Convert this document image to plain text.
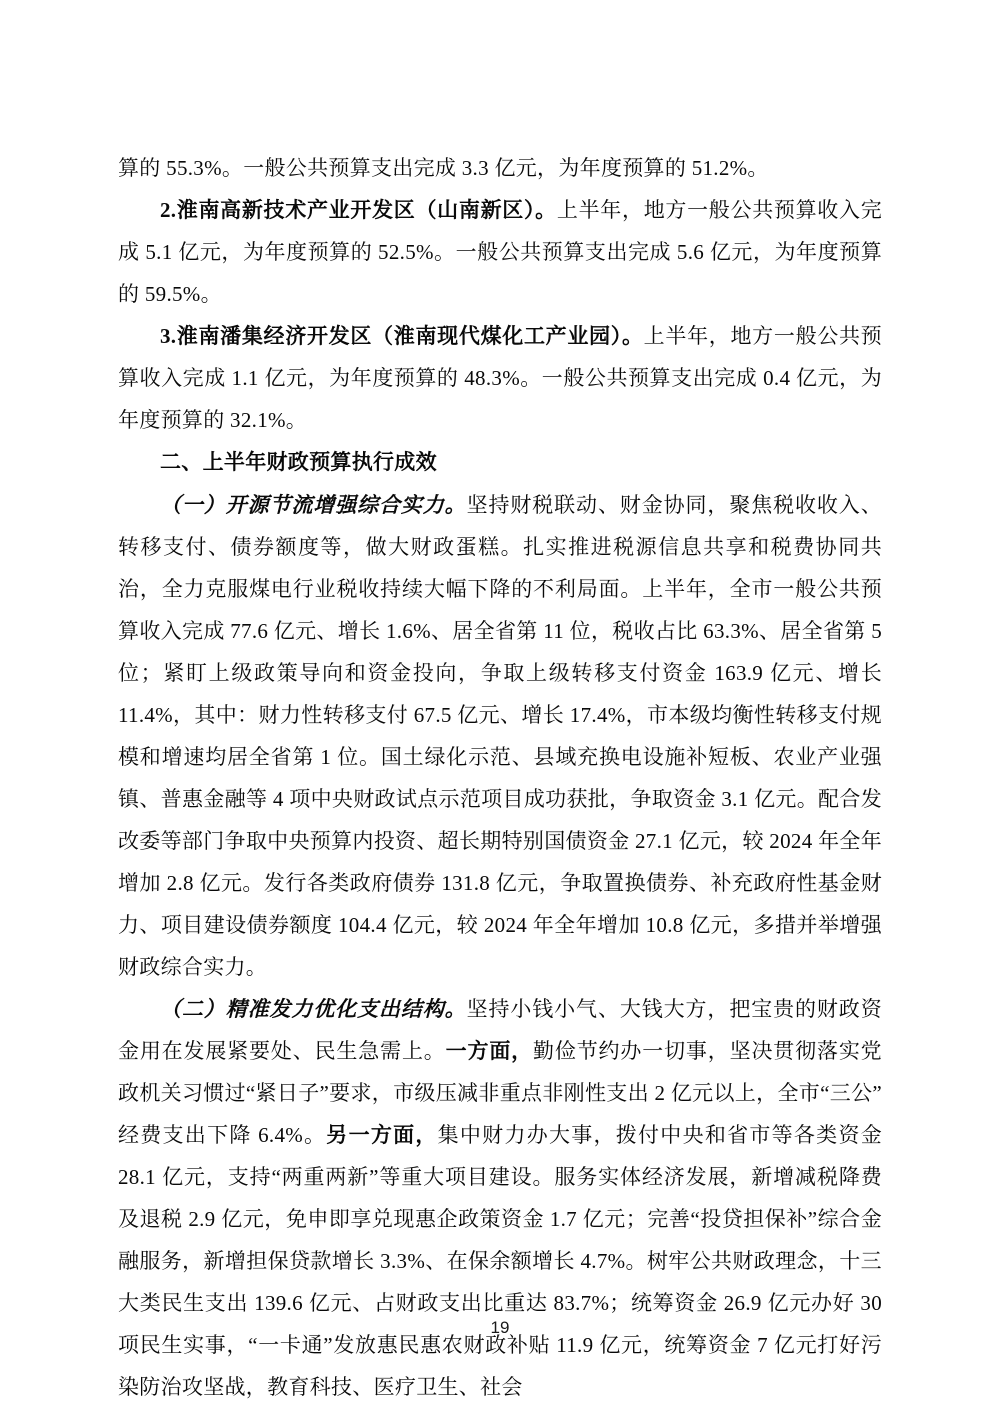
算的 55.3%。一般公共预算支出完成 3.3 亿元，为年度预算的 51.2%。

2.淮南高新技术产业开发区（山南新区）。上半年，地方一般公共预算收入完成 5.1 亿元，为年度预算的 52.5%。一般公共预算支出完成 5.6 亿元，为年度预算的 59.5%。

3.淮南潘集经济开发区（淮南现代煤化工产业园）。上半年，地方一般公共预算收入完成 1.1 亿元，为年度预算的 48.3%。一般公共预算支出完成 0.4 亿元，为年度预算的 32.1%。

二、上半年财政预算执行成效

（一）开源节流增强综合实力。坚持财税联动、财金协同，聚焦税收收入、转移支付、债券额度等，做大财政蛋糕。扎实推进税源信息共享和税费协同共治，全力克服煤电行业税收持续大幅下降的不利局面。上半年，全市一般公共预算收入完成 77.6 亿元、增长 1.6%、居全省第 11 位，税收占比 63.3%、居全省第 5 位；紧盯上级政策导向和资金投向，争取上级转移支付资金 163.9 亿元、增长 11.4%，其中：财力性转移支付 67.5 亿元、增长 17.4%，市本级均衡性转移支付规模和增速均居全省第 1 位。国土绿化示范、县域充换电设施补短板、农业产业强镇、普惠金融等 4 项中央财政试点示范项目成功获批，争取资金 3.1 亿元。配合发改委等部门争取中央预算内投资、超长期特别国债资金 27.1 亿元，较 2024 年全年增加 2.8 亿元。发行各类政府债券 131.8 亿元，争取置换债券、补充政府性基金财力、项目建设债券额度 104.4 亿元，较 2024 年全年增加 10.8 亿元，多措并举增强财政综合实力。

（二）精准发力优化支出结构。坚持小钱小气、大钱大方，把宝贵的财政资金用在发展紧要处、民生急需上。一方面，勤俭节约办一切事，坚决贯彻落实党政机关习惯过“紧日子”要求，市级压减非重点非刚性支出 2 亿元以上，全市“三公”经费支出下降 6.4%。另一方面，集中财力办大事，拨付中央和省市等各类资金 28.1 亿元，支持“两重两新”等重大项目建设。服务实体经济发展，新增减税降费及退税 2.9 亿元，免申即享兑现惠企政策资金 1.7 亿元；完善“投贷担保补”综合金融服务，新增担保贷款增长 3.3%、在保余额增长 4.7%。树牢公共财政理念，十三大类民生支出 139.6 亿元、占财政支出比重达 83.7%；统筹资金 26.9 亿元办好 30 项民生实事，“一卡通”发放惠民惠农财政补贴 11.9 亿元，统筹资金 7 亿元打好污染防治攻坚战，教育科技、医疗卫生、社会

19
